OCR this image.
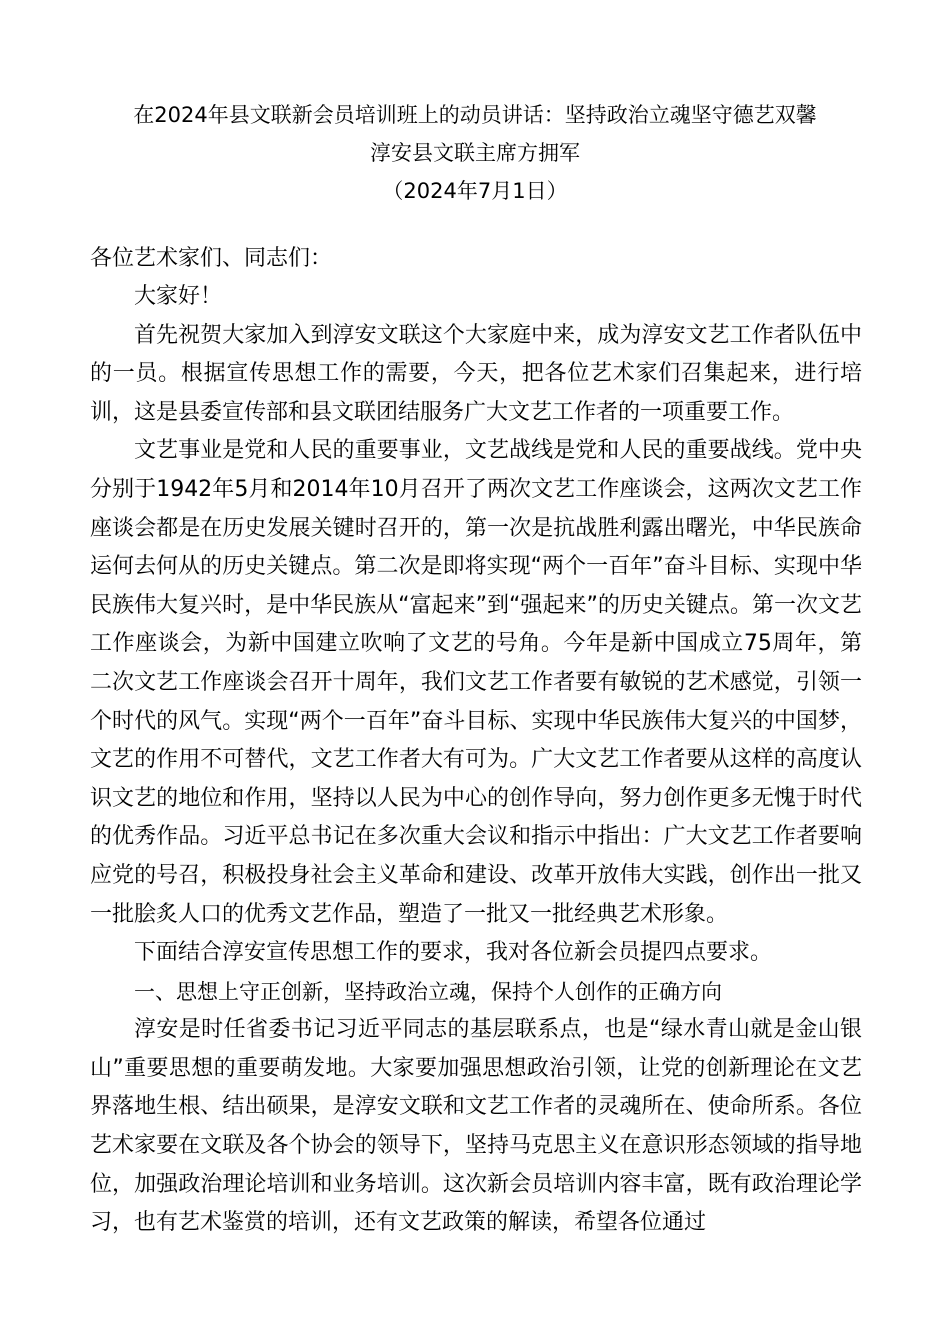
在2024年县文联新会员培训班上的动员讲话：坚持政治立魂坚守德艺双馨
淳安县文联主席方拥军
（2024年7月1日）

各位艺术家们、同志们：

大家好！

首先祝贺大家加入到淳安文联这个大家庭中来，成为淳安文艺工作者队伍中的一员。根据宣传思想工作的需要，今天，把各位艺术家们召集起来，进行培训，这是县委宣传部和县文联团结服务广大文艺工作者的一项重要工作。

文艺事业是党和人民的重要事业，文艺战线是党和人民的重要战线。党中央分别于1942年5月和2014年10月召开了两次文艺工作座谈会，这两次文艺工作座谈会都是在历史发展关键时召开的，第一次是抗战胜利露出曙光，中华民族命运何去何从的历史关键点。第二次是即将实现“两个一百年”奋斗目标、实现中华民族伟大复兴时，是中华民族从“富起来”到“强起来”的历史关键点。第一次文艺工作座谈会，为新中国建立吹响了文艺的号角。今年是新中国成立75周年，第二次文艺工作座谈会召开十周年，我们文艺工作者要有敏锐的艺术感觉，引领一个时代的风气。实现“两个一百年”奋斗目标、实现中华民族伟大复兴的中国梦，文艺的作用不可替代，文艺工作者大有可为。广大文艺工作者要从这样的高度认识文艺的地位和作用，坚持以人民为中心的创作导向，努力创作更多无愧于时代的优秀作品。习近平总书记在多次重大会议和指示中指出：广大文艺工作者要响应党的号召，积极投身社会主义革命和建设、改革开放伟大实践，创作出一批又一批脍炙人口的优秀文艺作品，塑造了一批又一批经典艺术形象。

下面结合淳安宣传思想工作的要求，我对各位新会员提四点要求。

一、思想上守正创新，坚持政治立魂，保持个人创作的正确方向

淳安是时任省委书记习近平同志的基层联系点，也是“绿水青山就是金山银山”重要思想的重要萌发地。大家要加强思想政治引领，让党的创新理论在文艺界落地生根、结出硕果，是淳安文联和文艺工作者的灵魂所在、使命所系。各位艺术家要在文联及各个协会的领导下，坚持马克思主义在意识形态领域的指导地位，加强政治理论培训和业务培训。这次新会员培训内容丰富，既有政治理论学习，也有艺术鉴赏的培训，还有文艺政策的解读，希望各位通过
